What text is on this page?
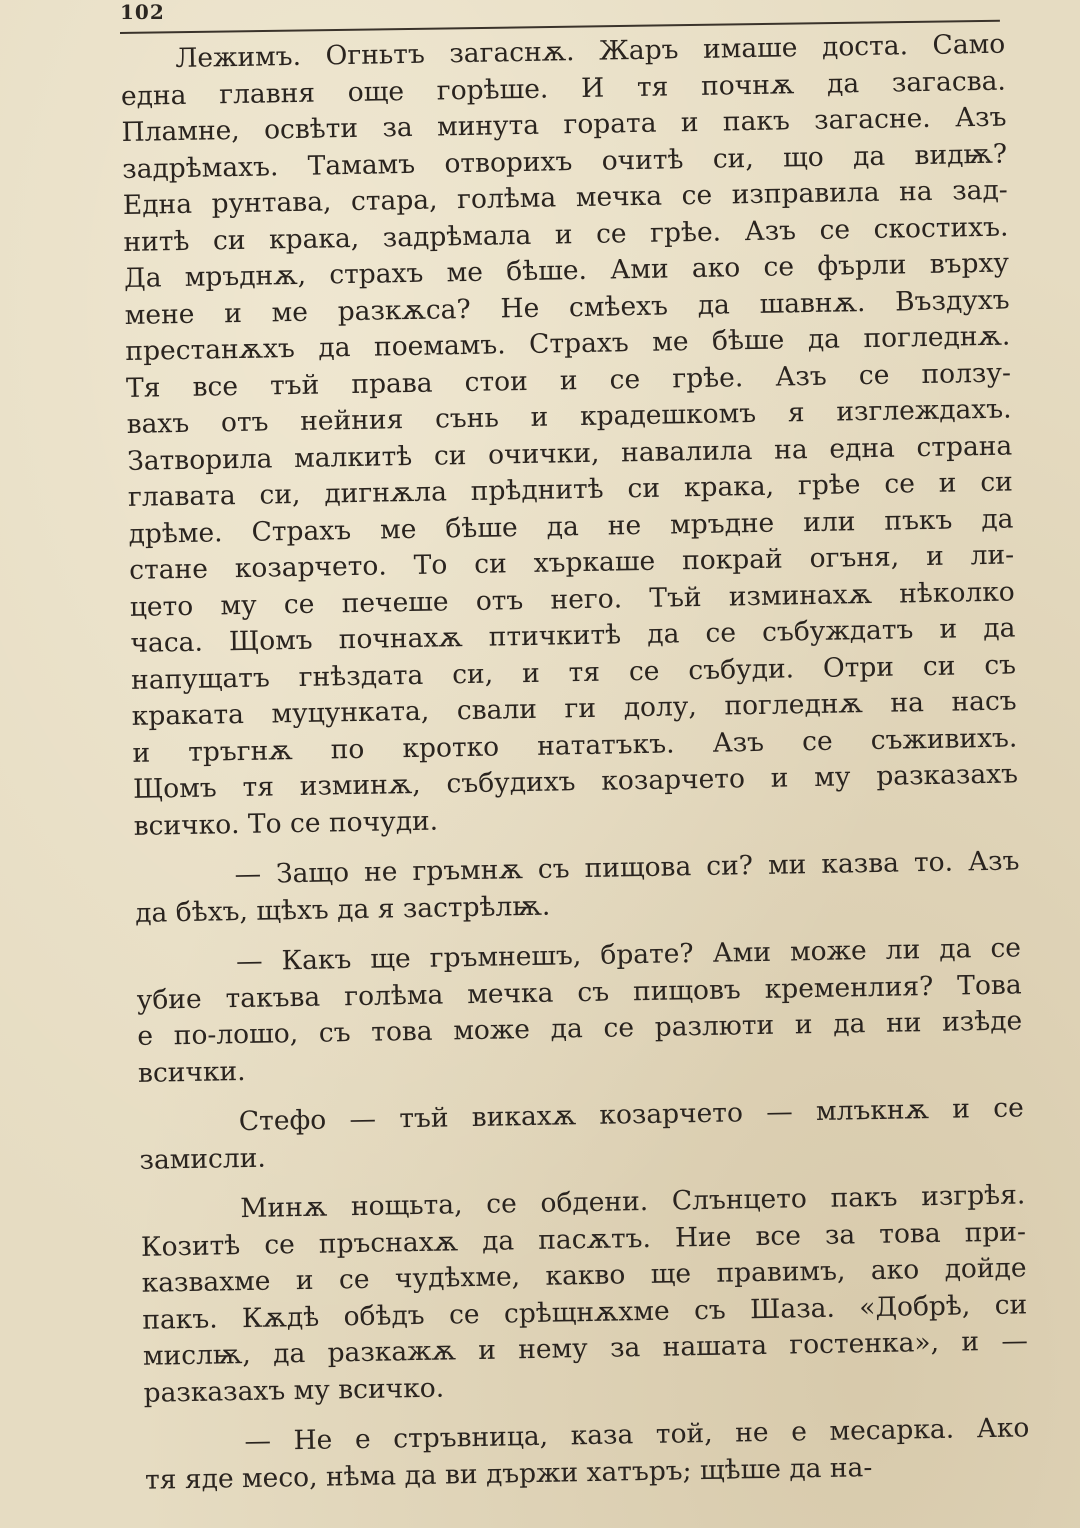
102
Лежимъ. Огньтъ загаснѫ. Жаръ имаше доста. Само
една главня още горѣше. И тя почнѫ да загасва.
Пламне, освѣти за минута гората и пакъ загасне. Азъ
задрѣмахъ. Тамамъ отворихъ очитѣ си, що да видѭ?
Една рунтава, стара, голѣма мечка се изправила на зад-
нитѣ си крака, задрѣмала и се грѣе. Азъ се скостихъ.
Да мръднѫ, страхъ ме бѣше. Ами ако се фърли върху
мене и ме разкѫса? Не смѣехъ да шавнѫ. Въздухъ
престанѫхъ да поемамъ. Страхъ ме бѣше да погледнѫ.
Тя все тъй права стои и се грѣе. Азъ се ползу-
вахъ отъ нейния сънь и крадешкомъ я изглеждахъ.
Затворила малкитѣ си очички, навалила на една страна
главата си, дигнѫла прѣднитѣ си крака, грѣе се и си
дрѣме. Страхъ ме бѣше да не мръдне или пъкъ да
стане козарчето. То си хъркаше покрай огъня, и ли-
цето му се печеше отъ него. Тъй изминахѫ нѣколко
часа. Щомъ почнахѫ птичкитѣ да се събуждатъ и да
напущатъ гнѣздата си, и тя се събуди. Отри си съ
краката муцунката, свали ги долу, погледнѫ на насъ
и тръгнѫ по кротко нататъкъ. Азъ се съживихъ.
Щомъ тя изминѫ, събудихъ козарчето и му разказахъ
всичко. То се почуди.
— Защо не гръмнѫ съ пищова си? ми казва то. Азъ
да бѣхъ, щѣхъ да я застрѣлѭ.
— Какъ ще гръмнешъ, брате? Ами може ли да се
убие такъва голѣма мечка съ пищовъ кременлия? Това
е по-лошо, съ това може да се разлюти и да ни изѣде
всички.
Стефо — тъй викахѫ козарчето — млъкнѫ и се
замисли.
Минѫ нощьта, се обдени. Слънцето пакъ изгрѣя.
Козитѣ се пръснахѫ да пасѫтъ. Ние все за това при-
казвахме и се чудѣхме, какво ще правимъ, ако дойде
пакъ. Кѫдѣ обѣдъ се срѣщнѫхме съ Шаза. «Добрѣ, си
мислѭ, да разкажѫ и нему за нашата гостенка», и —
разказахъ му всичко.
— Не е стръвница, каза той, не е месарка. Ако
тя яде месо, нѣма да ви държи хатъръ; щѣше да на-
